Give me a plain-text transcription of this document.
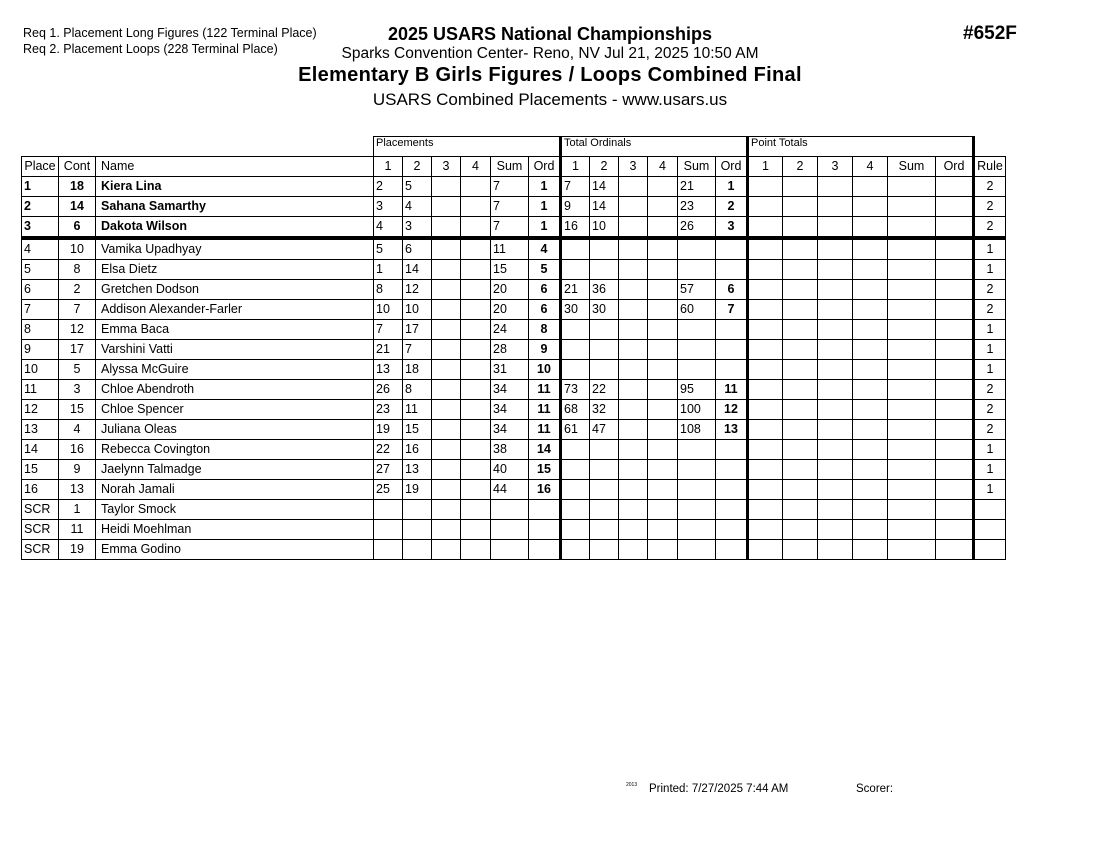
Req 1. Placement Long Figures (122 Terminal Place)
Req 2. Placement Loops (228 Terminal Place)
2025 USARS National Championships
Sparks Convention Center- Reno, NV Jul 21, 2025 10:50 AM
Elementary B Girls Figures / Loops Combined Final
USARS Combined Placements - www.usars.us
#652F
			Placements						Total Ordinals						Point Totals						
Place	Cont	Name	1	2	3	4	Sum	Ord	1	2	3	4	Sum	Ord	1	2	3	4	Sum	Ord	Rule
1	18	Kiera Lina	2	5			7	1	7	14			21	1							2
2	14	Sahana Samarthy	3	4			7	1	9	14			23	2							2
3	6	Dakota Wilson	4	3			7	1	16	10			26	3							2
4	10	Vamika Upadhyay	5	6			11	4													1
5	8	Elsa Dietz	1	14			15	5													1
6	2	Gretchen Dodson	8	12			20	6	21	36			57	6							2
7	7	Addison Alexander-Farler	10	10			20	6	30	30			60	7							2
8	12	Emma Baca	7	17			24	8													1
9	17	Varshini Vatti	21	7			28	9													1
10	5	Alyssa McGuire	13	18			31	10													1
11	3	Chloe Abendroth	26	8			34	11	73	22			95	11							2
12	15	Chloe Spencer	23	11			34	11	68	32			100	12							2
13	4	Juliana Oleas	19	15			34	11	61	47			108	13							2
14	16	Rebecca Covington	22	16			38	14													1
15	9	Jaelynn Talmadge	27	13			40	15													1
16	13	Norah Jamali	25	19			44	16													1
SCR	1	Taylor Smock																			
SCR	11	Heidi Moehlman																			
SCR	19	Emma Godino																			
2013 Printed: 7/27/2025 7:44 AM	Scorer:
